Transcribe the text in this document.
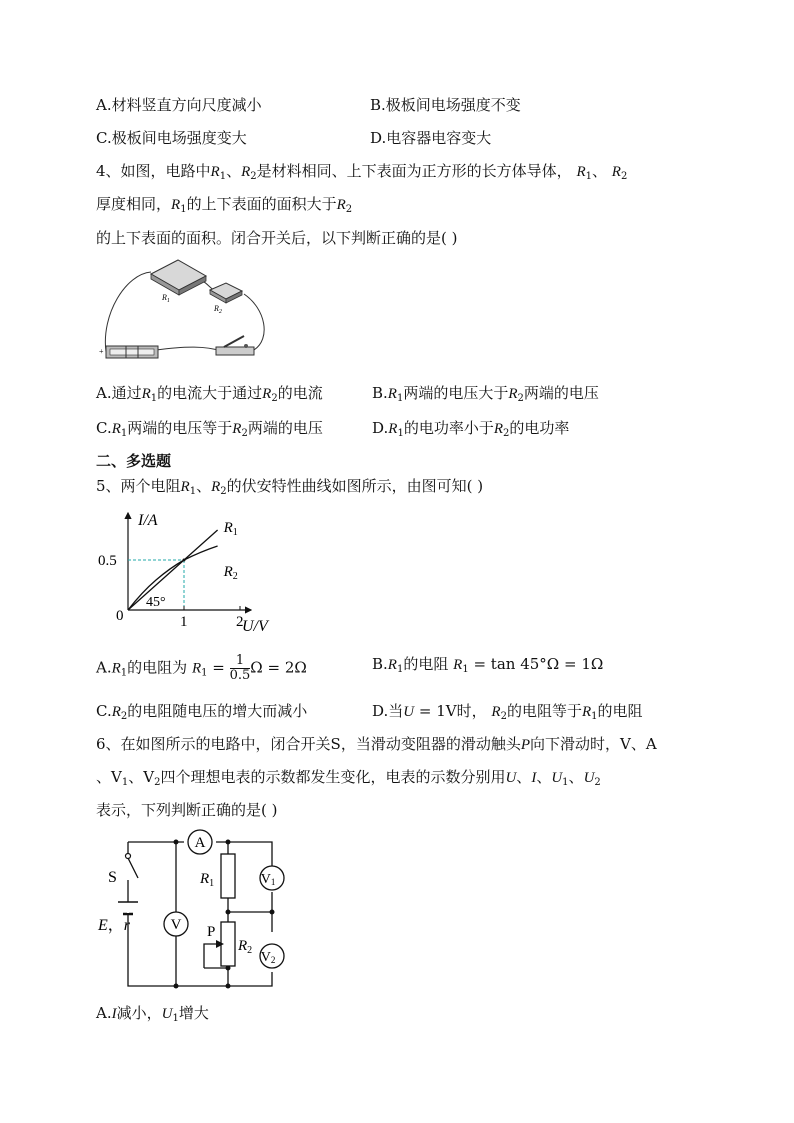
A.材料竖直方向尺度减小	B.极板间电场强度不变
C.极板间电场强度变大	D.电容器电容变大
4、如图，电路中$R_1$、$R_2$是材料相同、上下表面为正方形的长方体导体， $R_1$、 $R_2$
厚度相同，$R_1$的上下表面的面积大于$R_2$
的上下表面的面积。闭合开关后，以下判断正确的是( )
$R_1$
$R_2$
+
A.通过$R_1$的电流大于通过$R_2$的电流	$B.R_1$两端的电压大于$R_2$两端的电压
$C.R_1$两端的电压等于$R_2$两端的电压	$D.R_1$的电功率小于$R_2$的电功率
二、多选题
5、两个电阻$R_1$、$R_2$的伏安特性曲线如图所示，由图可知( )
$R_1$
$R_2$
1	2
0.5
I/A
U/V
0
45°
$A.R_1$的电阻为 $R_1 = \frac{1}{0.5}$ Ω = 2Ω	$B.R_1$的电阻 $R_1 = \tan 45^\circ\Omega = 1\Omega$
$C.R_2$的电阻随电压的增大而减小	D.当U = 1V时， $R_2$的电阻等于$R_1$的电阻
6、在如图所示的电路中，闭合开关S，当滑动变阻器的滑动触头P向下滑动时，V、A
、$V_1$、$V_2$四个理想电表的示数都发生变化，电表的示数分别用U、I、$U_1$、$U_2$
表示，下列判断正确的是( )
A
V
V1
V2
S
E，r
$R_1$
P
$R_2$
A.I减小，$U_1$增大
